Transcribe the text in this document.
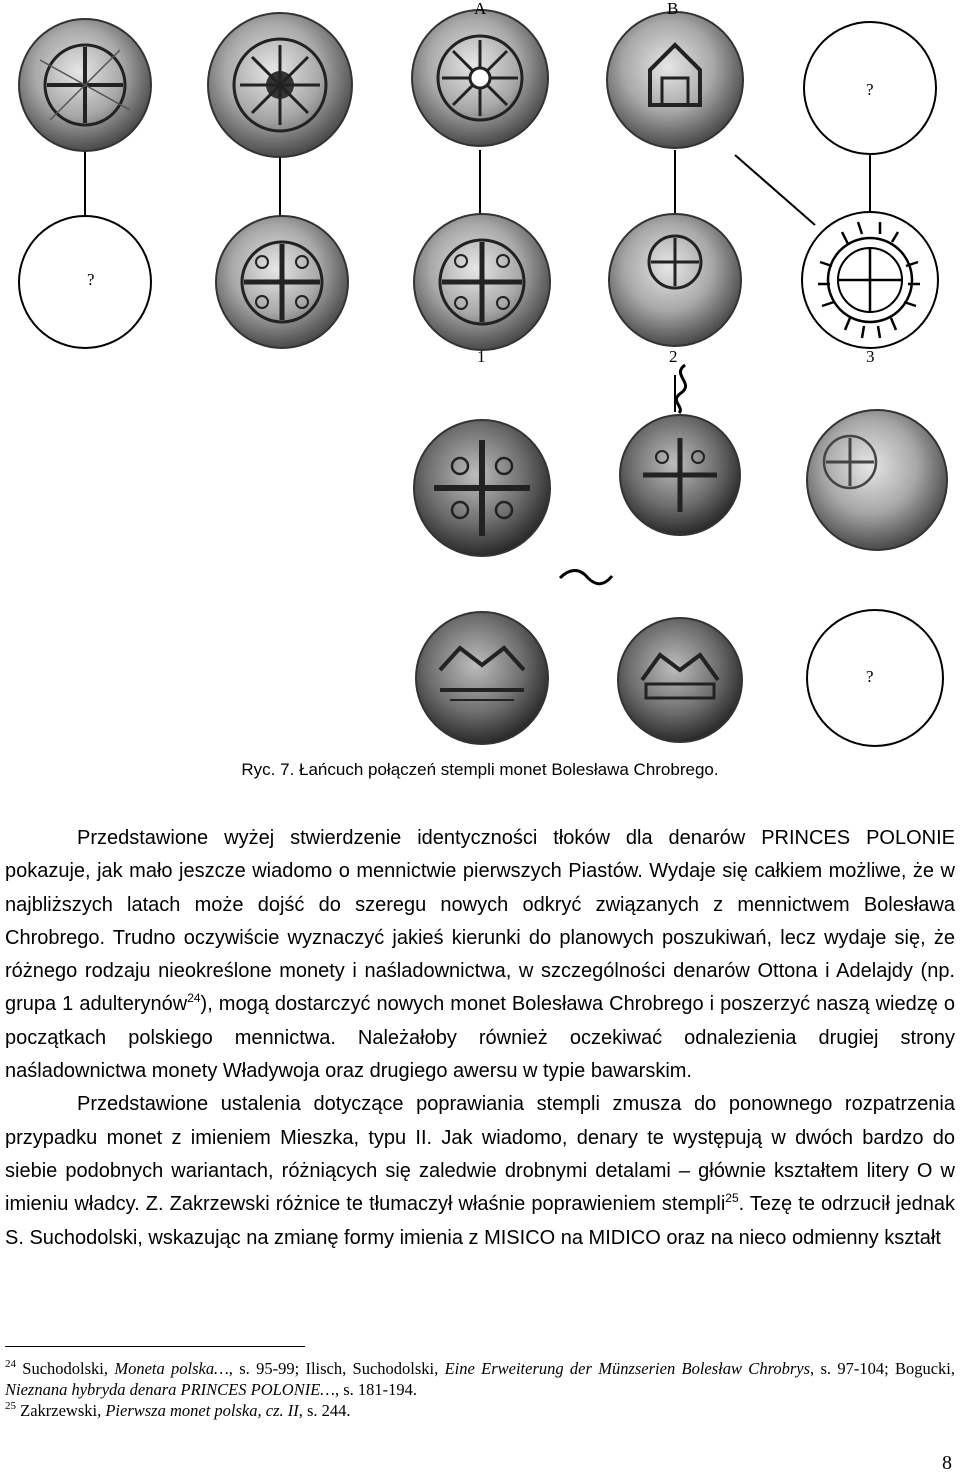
A	B
1	2	3
?
?
?
Ryc. 7. Łańcuch połączeń stempli monet Bolesława Chrobrego.

Przedstawione wyżej stwierdzenie identyczności tłoków dla denarów PRINCES POLONIE pokazuje, jak mało jeszcze wiadomo o mennictwie pierwszych Piastów. Wydaje się całkiem możliwe, że w najbliższych latach może dojść do szeregu nowych odkryć związanych z mennictwem Bolesława Chrobrego. Trudno oczywiście wyznaczyć jakieś kierunki do planowych poszukiwań, lecz wydaje się, że różnego rodzaju nieokreślone monety i naśladownictwa, w szczególności denarów Ottona i Adelajdy (np. grupa 1 adulterynów$^{24}$), mogą dostarczyć nowych monet Bolesława Chrobrego i poszerzyć naszą wiedzę o początkach polskiego mennictwa. Należałoby również oczekiwać odnalezienia drugiej strony naśladownictwa monety Władywoja oraz drugiego awersu w typie bawarskim.

Przedstawione ustalenia dotyczące poprawiania stempli zmusza do ponownego rozpatrzenia przypadku monet z imieniem Mieszka, typu II. Jak wiadomo, denary te występują w dwóch bardzo do siebie podobnych wariantach, różniących się zaledwie drobnymi detalami – głównie kształtem litery O w imieniu władcy. Z. Zakrzewski różnice te tłumaczył właśnie poprawieniem stempli$^{25}$. Tezę te odrzucił jednak S. Suchodolski, wskazując na zmianę formy imienia z MISICO na MIDICO oraz na nieco odmienny kształt

$^{24}$ Suchodolski, Moneta polska…, s. 95-99; Ilisch, Suchodolski, Eine Erweiterung der Münzserien Bolesław Chrobrys, s. 97-104; Bogucki, Nieznana hybryda denara PRINCES POLONIE…, s. 181-194.
$^{25}$ Zakrzewski, Pierwsza monet polska, cz. II, s. 244.
8
